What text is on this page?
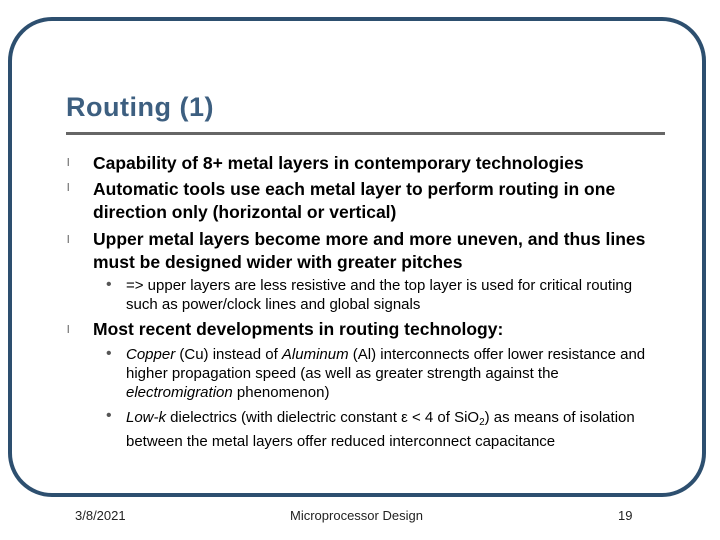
Routing (1)
l Capability of 8+ metal layers in contemporary technologies
l Automatic tools use each metal layer to perform routing in one direction only (horizontal or vertical)
l Upper metal layers become more and more uneven, and thus lines must be designed wider with greater pitches
• => upper layers are less resistive and the top layer is used for critical routing such as power/clock lines and global signals
l Most recent developments in routing technology:
• Copper (Cu) instead of Aluminum (Al) interconnects offer lower resistance and higher propagation speed (as well as greater strength against the electromigration phenomenon)
• Low-k dielectrics (with dielectric constant ε < 4 of SiO$_2$) as means of isolation between the metal layers offer reduced interconnect capacitance
3/8/2021	Microprocessor Design	19
